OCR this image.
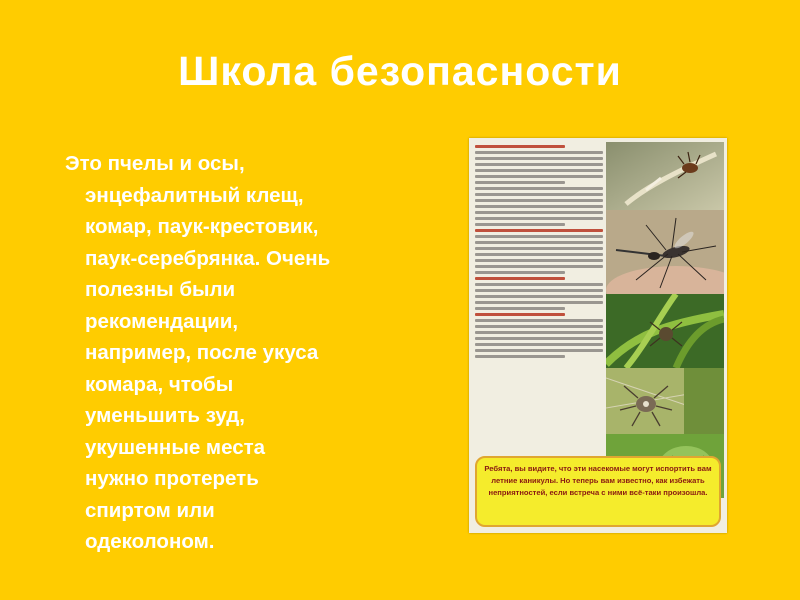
Школа безопасности

Это пчелы и осы,
энцефалитный клещ,
комар, паук-крестовик,
паук-серебрянка. Очень
полезны были
рекомендации,
например, после укуса
комара, чтобы
уменьшить зуд,
укушенные места
нужно протереть
спиртом или
одеколоном.

Ребята, вы видите, что эти насекомые могут испортить вам летние каникулы. Но теперь вам известно, как избежать неприятностей, если встреча с ними всё-таки произошла.
